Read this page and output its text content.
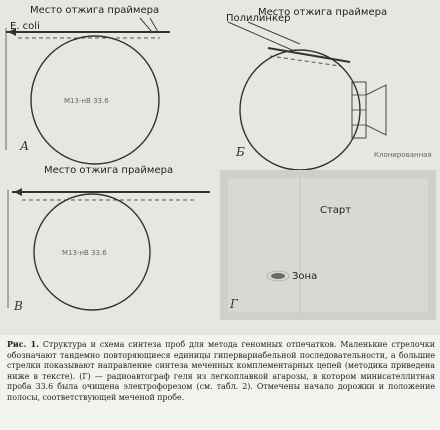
E. coli
Место отжига праймера
M13-нВ 33.6
А
Полилинкер
Место отжига праймера
Клонированная
Б
Место отжига праймера
M13-нВ 33.6
В
Старт
Зона
Г
Рис. 1. Структура и схема синтеза проб для метода геномных отпечатков. Маленькие стрелочки обозначают тандемно повторяющиеся единицы гипервариабельной последовательности, а большие стрелки показывают направление синтеза меченных комплементарных цепей (методика приведена ниже в тексте). (Г) — радиоавтограф геля из легкоплавкой агарозы, в котором минисателлитная проба 33.6 была очищена электрофорезом (см. табл. 2). Отмечены начало дорожки и положение полосы, соответствующей меченой пробе.
